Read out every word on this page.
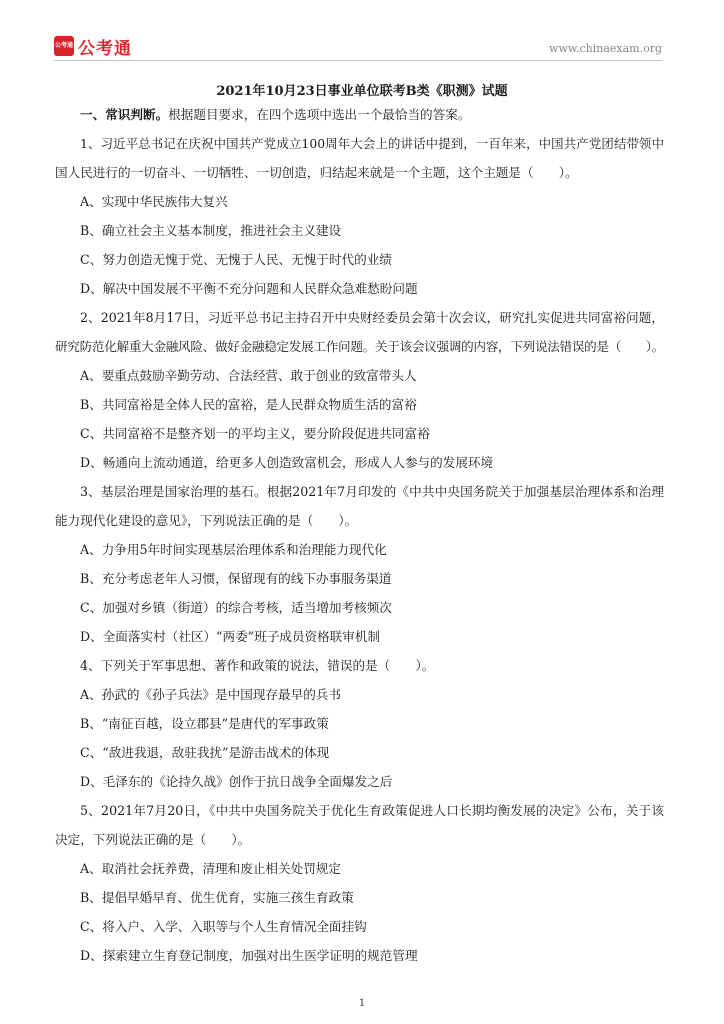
公考通 公考通	www.chinaexam.org
2021年10月23日事业单位联考B类《职测》试题
一、常识判断。根据题目要求，在四个选项中选出一个最恰当的答案。
1、习近平总书记在庆祝中国共产党成立100周年大会上的讲话中提到，一百年来，中国共产党团结带领中
国人民进行的一切奋斗、一切牺牲、一切创造，归结起来就是一个主题，这个主题是（　　）。
A、实现中华民族伟大复兴
B、确立社会主义基本制度，推进社会主义建设
C、努力创造无愧于党、无愧于人民、无愧于时代的业绩
D、解决中国发展不平衡不充分问题和人民群众急难愁盼问题
2、2021年8月17日，习近平总书记主持召开中央财经委员会第十次会议，研究扎实促进共同富裕问题，
研究防范化解重大金融风险、做好金融稳定发展工作问题。关于该会议强调的内容，下列说法错误的是（　　）。
A、要重点鼓励辛勤劳动、合法经营、敢于创业的致富带头人
B、共同富裕是全体人民的富裕，是人民群众物质生活的富裕
C、共同富裕不是整齐划一的平均主义，要分阶段促进共同富裕
D、畅通向上流动通道，给更多人创造致富机会，形成人人参与的发展环境
3、基层治理是国家治理的基石。根据2021年7月印发的《中共中央国务院关于加强基层治理体系和治理
能力现代化建设的意见》，下列说法正确的是（　　）。
A、力争用5年时间实现基层治理体系和治理能力现代化
B、充分考虑老年人习惯，保留现有的线下办事服务渠道
C、加强对乡镇（街道）的综合考核，适当增加考核频次
D、全面落实村（社区）“两委”班子成员资格联审机制
4、下列关于军事思想、著作和政策的说法，错误的是（　　）。
A、孙武的《孙子兵法》是中国现存最早的兵书
B、“南征百越，设立郡县”是唐代的军事政策
C、“敌进我退，敌驻我扰”是游击战术的体现
D、毛泽东的《论持久战》创作于抗日战争全面爆发之后
5、2021年7月20日，《中共中央国务院关于优化生育政策促进人口长期均衡发展的决定》公布，关于该
决定，下列说法正确的是（　　）。
A、取消社会抚养费，清理和废止相关处罚规定
B、提倡早婚早育、优生优育，实施三孩生育政策
C、将入户、入学、入职等与个人生育情况全面挂钩
D、探索建立生育登记制度，加强对出生医学证明的规范管理
1
